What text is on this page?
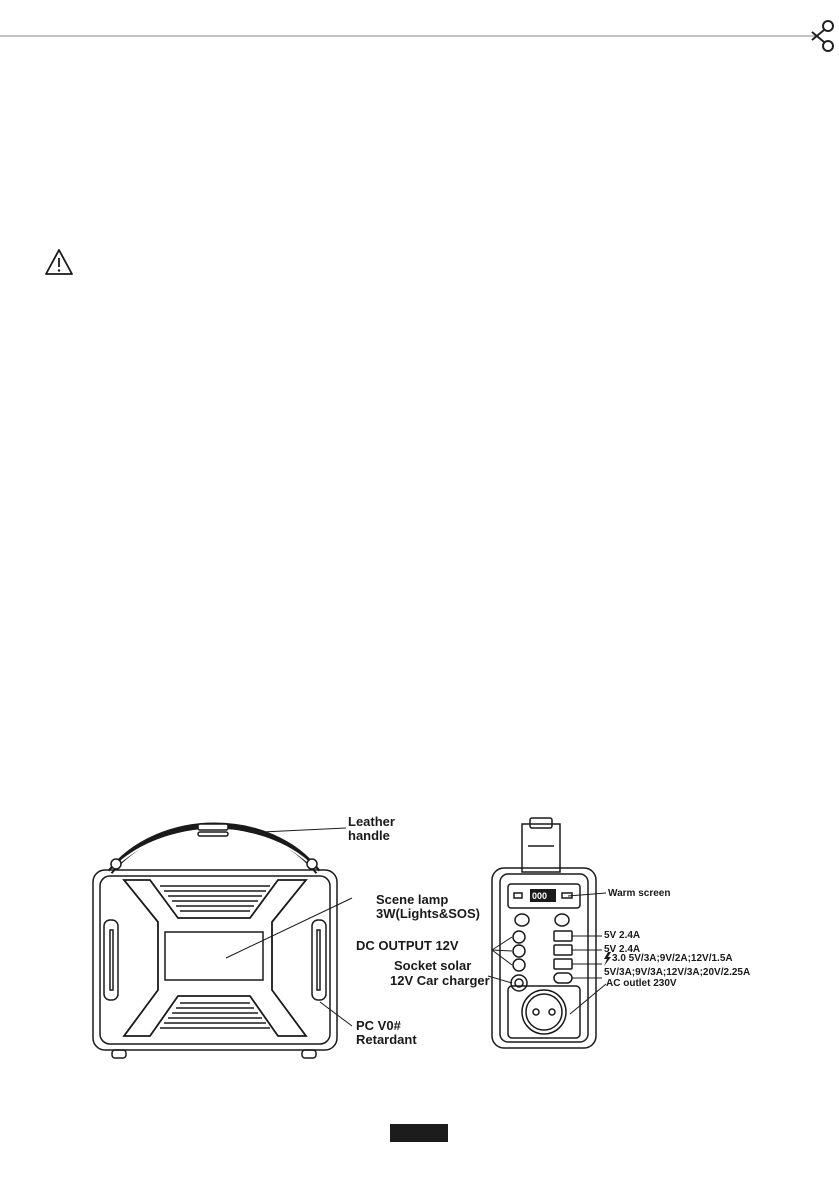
Leather
handle
Scene lamp
3W(Lights&SOS)
DC OUTPUT 12V
Socket solar
12V Car charger
PC V0#
Retardant
Warm screen
000
5V 2.4A
5V 2.4A
3.0 5V/3A;9V/2A;12V/1.5A
5V/3A;9V/3A;12V/3A;20V/2.25A
AC outlet 230V
